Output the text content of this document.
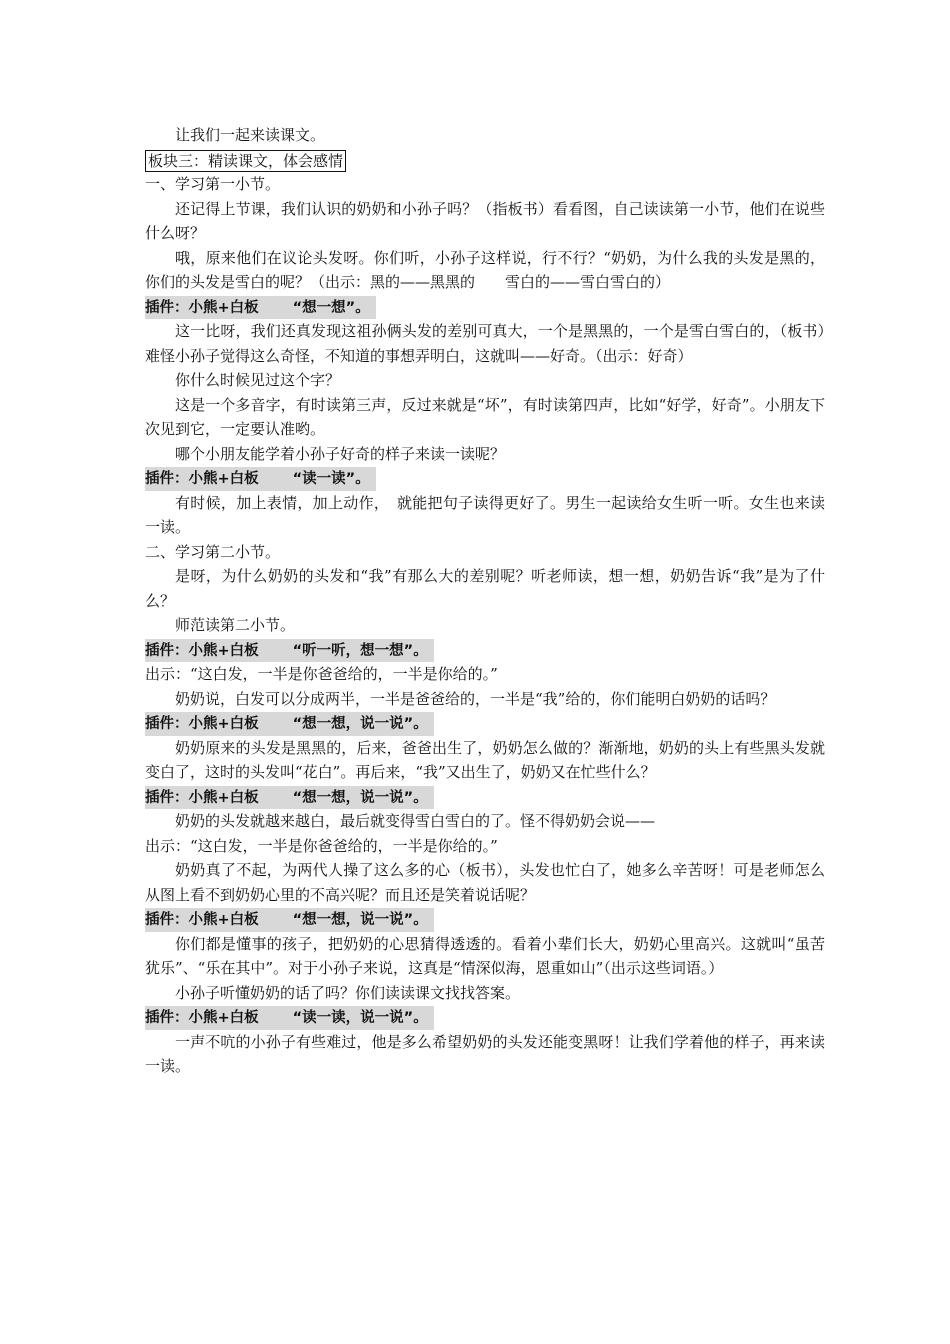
让我们一起来读课文。
板块三：精读课文，体会感情
一、学习第一小节。
还记得上节课，我们认识的奶奶和小孙子吗？（指板书）看看图，自己读读第一小节，他们在说些什么呀？
哦，原来他们在议论头发呀。你们听，小孙子这样说，行不行？“奶奶，为什么我的头发是黑的，你们的头发是雪白的呢？（出示：黑的——黑黑的　　雪白的——雪白雪白的）
插件：小熊+白板 “想一想”。
这一比呀，我们还真发现这祖孙俩头发的差别可真大，一个是黑黑的，一个是雪白雪白的，（板书）难怪小孙子觉得这么奇怪，不知道的事想弄明白，这就叫——好奇。（出示：好奇）
你什么时候见过这个字？
这是一个多音字，有时读第三声，反过来就是“坏”，有时读第四声，比如“好学，好奇”。小朋友下次见到它，一定要认准哟。
哪个小朋友能学着小孙子好奇的样子来读一读呢？
插件：小熊+白板 “读一读”。
有时候，加上表情，加上动作，　就能把句子读得更好了。男生一起读给女生听一听。女生也来读一读。
二、学习第二小节。
是呀，为什么奶奶的头发和“我”有那么大的差别呢？听老师读，想一想，奶奶告诉“我”是为了什么？
师范读第二小节。
插件：小熊+白板 “听一听，想一想”。
出示：“这白发，一半是你爸爸给的，一半是你给的。”
奶奶说，白发可以分成两半，一半是爸爸给的，一半是“我”给的，你们能明白奶奶的话吗？
插件：小熊+白板 “想一想，说一说”。
奶奶原来的头发是黑黑的，后来，爸爸出生了，奶奶怎么做的？渐渐地，奶奶的头上有些黑头发就变白了，这时的头发叫“花白”。再后来，“我”又出生了，奶奶又在忙些什么？
插件：小熊+白板 “想一想，说一说”。
奶奶的头发就越来越白，最后就变得雪白雪白的了。怪不得奶奶会说——
出示：“这白发，一半是你爸爸给的，一半是你给的。”
奶奶真了不起，为两代人操了这么多的心（板书），头发也忙白了，她多么辛苦呀！可是老师怎么从图上看不到奶奶心里的不高兴呢？而且还是笑着说话呢？
插件：小熊+白板 “想一想，说一说”。
你们都是懂事的孩子，把奶奶的心思猜得透透的。看着小辈们长大，奶奶心里高兴。这就叫“虽苦犹乐”、“乐在其中”。对于小孙子来说，这真是“情深似海，恩重如山”（出示这些词语。）
小孙子听懂奶奶的话了吗？你们读读课文找找答案。
插件：小熊+白板 “读一读，说一说”。
一声不吭的小孙子有些难过，他是多么希望奶奶的头发还能变黑呀！让我们学着他的样子，再来读一读。
